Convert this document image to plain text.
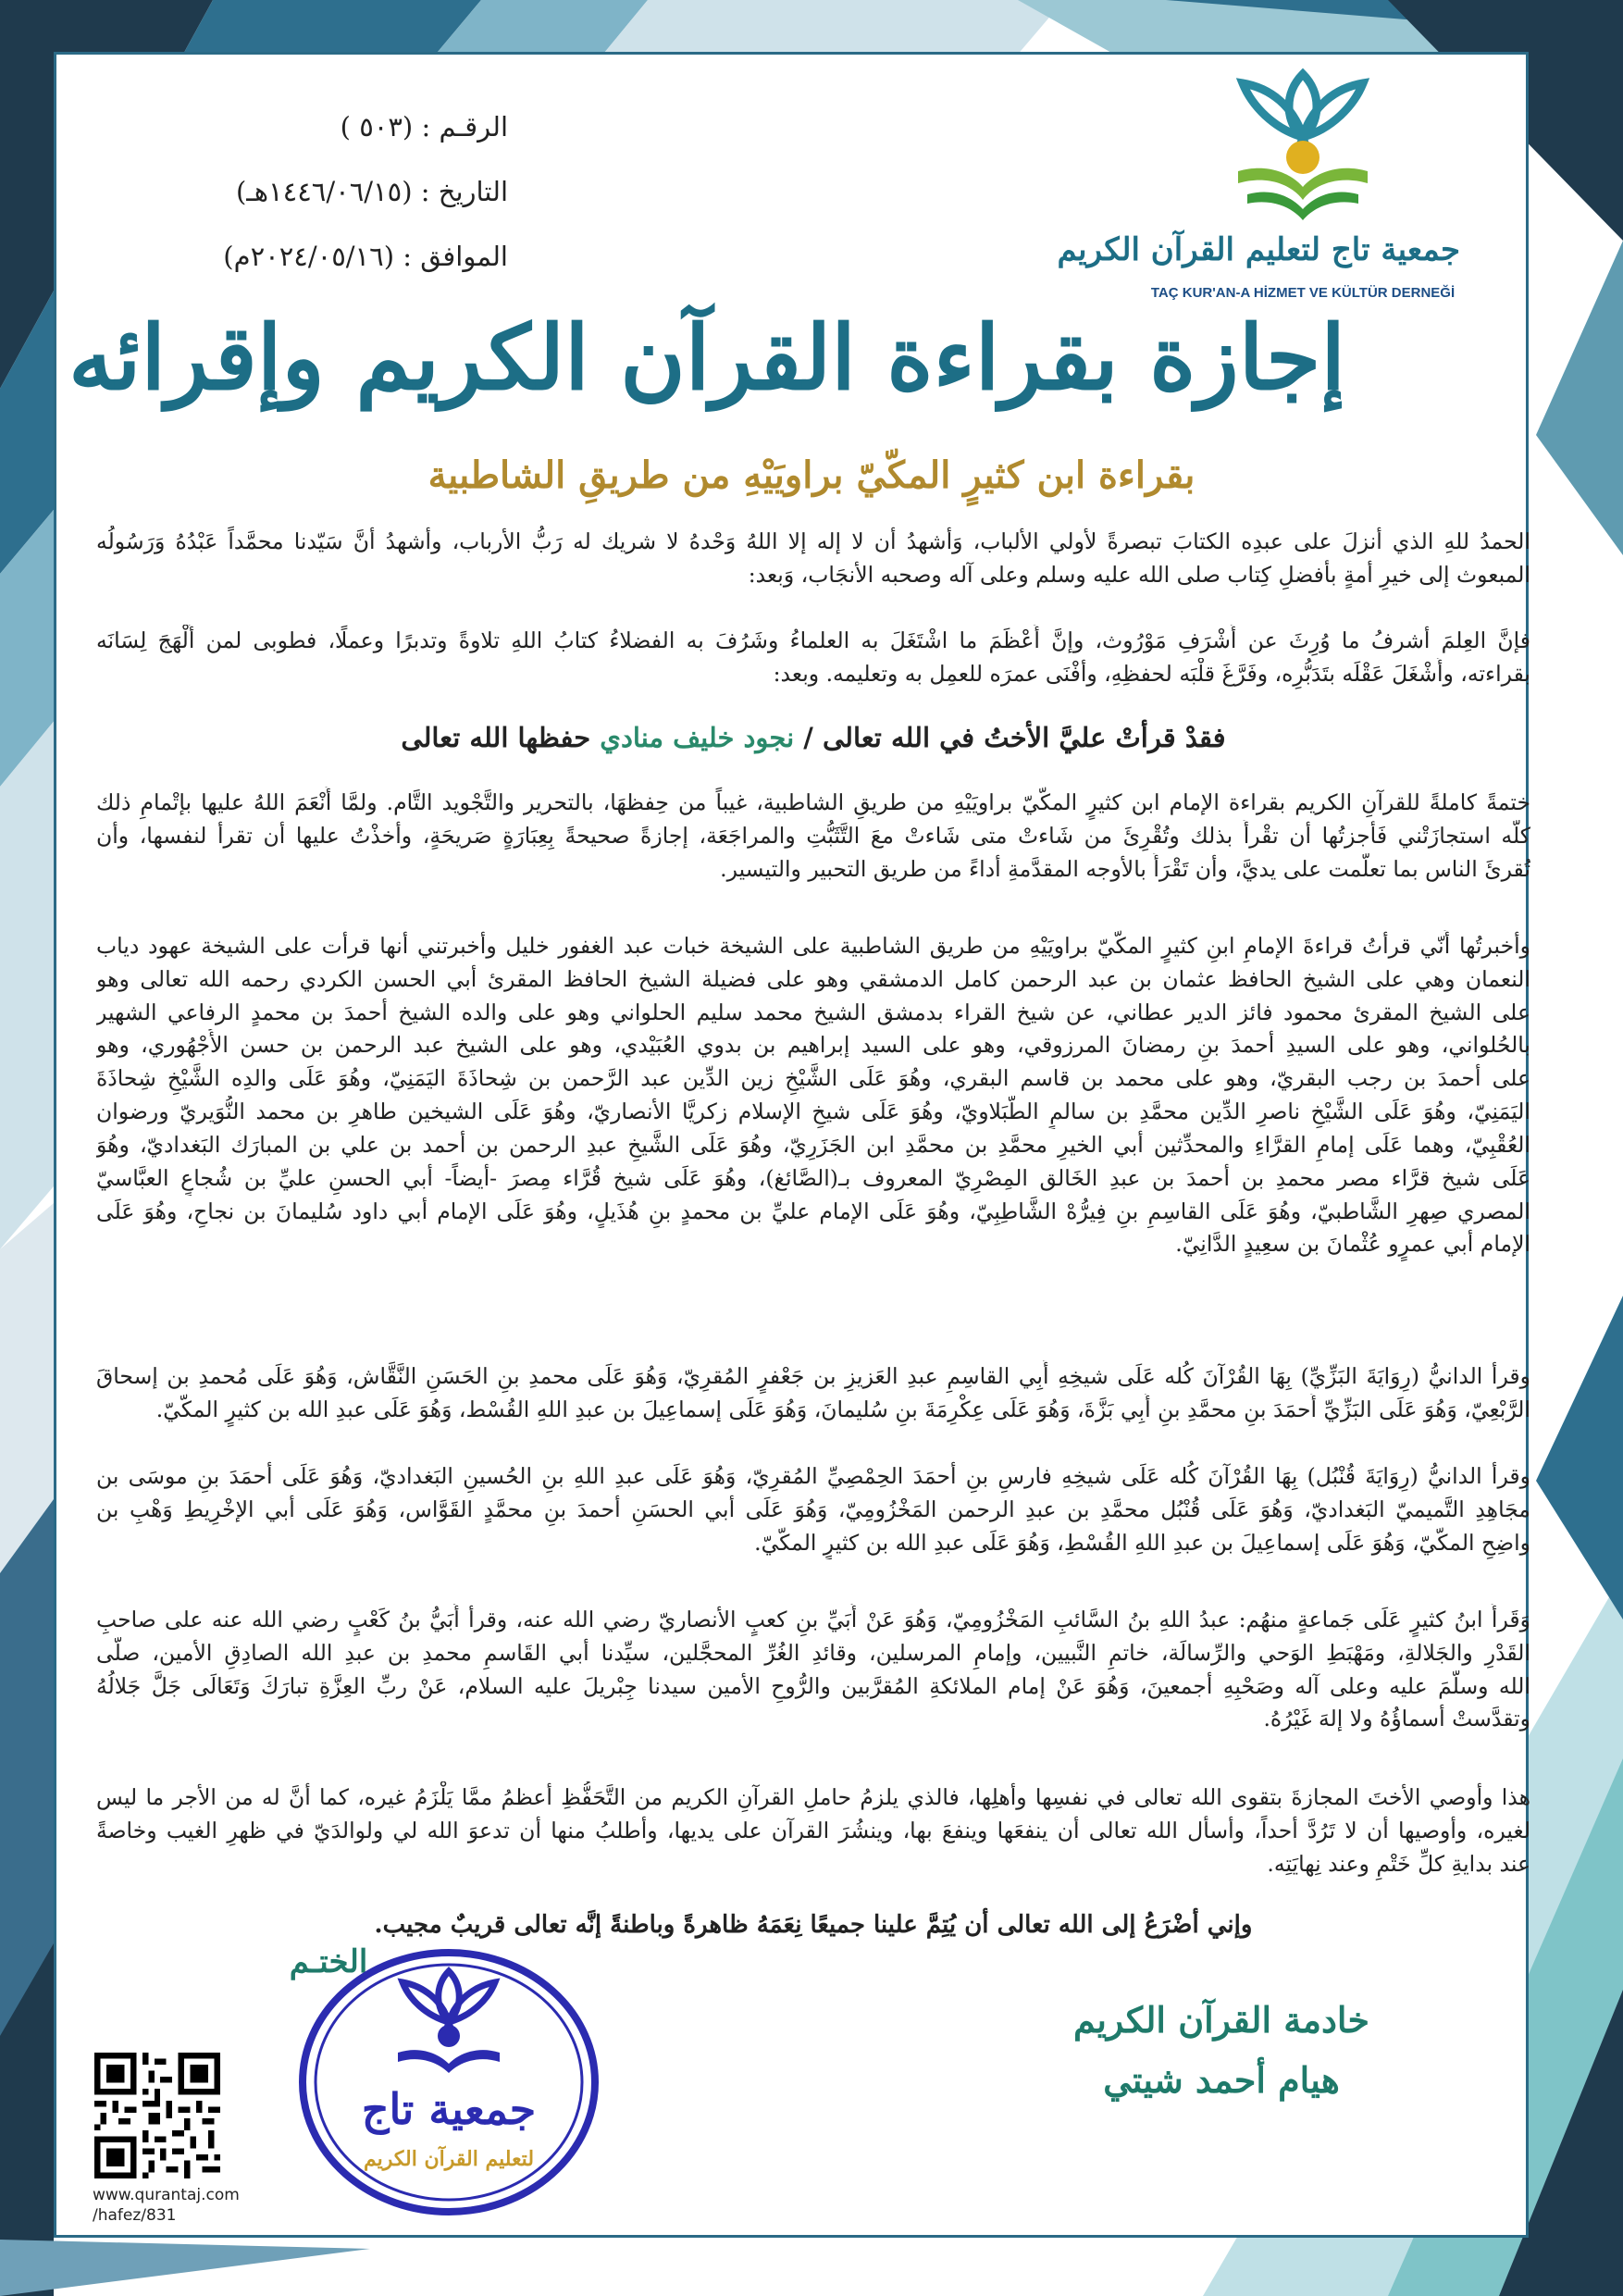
الرقـم : (٥٠٣ )
التاريخ : (١٤٤٦/٠٦/١٥هـ)
الموافق : (٢٠٢٤/٠٥/١٦م)	جمعية تاج لتعليم القرآن الكريم
TAÇ KUR'AN-A HİZMET VE KÜLTÜR DERNEĞİ
إجازة بقراءة القرآن الكريم وإقرائه
بقراءة ابن كثيرٍ المكّيّ براويَيْهِ من طريقِ الشاطبية
الحمدُ للهِ الذي أنزلَ على عبدِه الكتابَ تبصرةً لأولي الألباب، وَأشهدُ أن لا إله إلا اللهُ وَحْدهُ لا شريك له رَبُّ الأرباب، وأشهدُ أنَّ سَيّدنا محمَّداً عَبْدُهُ وَرَسُولُه
المبعوث إلى خيرِ أمةٍ بأفضلِ كِتاب صلى الله عليه وسلم وعلى آله وصحبه الأنجَاب، وَبعد:
فإنَّ العِلمَ أشرفُ ما وُرِثَ عن أَشْرَفِ مَوْرُوث، وإنَّ أَعْظَمَ ما اشْتَغَلَ به العلماءُ وشَرُفَ به الفضلاءُ كتابُ اللهِ تلاوةً وتدبرًا وعملًا، فطوبى لمن أَلْهَجَ لِسَانَه
بقراءته، وأَشْغَلَ عَقْلَه بتَدَبُّرِه، وفَرَّغَ قلْبَه لحفظِهِ، وأفْنَى عمرَه للعمِل به وتعليمه. وبعد:
فقدْ قرأتْ عليَّ الأختُ في الله تعالى / نجود خليف منادي حفظها الله تعالى
ختمةً كاملةً للقرآنِ الكريم بقراءة الإمام ابن كثيرٍ المكّيّ براويَيْهِ من طريقِ الشاطبية، غيباً من حِفظهَا، بالتحرير والتَّجْويد التَّام. ولمَّا أَنْعَمَ اللهُ عليها بإتْمامِ ذلك
كلّه استجازَتْني فَأَجزتُها أن تقْرأَ بذلك وتُقْرِئَ من شَاءتْ متى شَاءتْ معَ التَّثَبُّتِ والمراجَعَة، إجازةً صحيحةً بِعِبَارَةٍ صَريحَةٍ، وأخذْتُ عليها أن تقرأ لنفسها، وأن
تُقرئَ الناس بما تعلَّمت على يديَّ، وأن تَقْرَأَ بالأوجه المقدَّمةِ أداءً من طريق التحبير والتيسير.
وأخبرتُها أَنّي قرأتُ قراءةَ الإمامِ ابنِ كثيرٍ المكّيّ براويَيْهِ من طريق الشاطبية على الشيخة خبات عبد الغفور خليل وأخبرتني أنها قرأت على الشيخة عهود دياب
النعمان وهي على الشيخ الحافظ عثمان بن عبد الرحمن كامل الدمشقي وهو على فضيلة الشيخ الحافظ المقرئ أبي الحسن الكردي رحمه الله تعالى وهو
على الشيخ المقرئ محمود فائز الدير عطاني، عن شيخ القراء بدمشق الشيخ محمد سليم الحلواني وهو على والده الشيخ أحمدَ بن محمدٍ الرفاعي الشهير
بالحُلواني، وهو على السيدِ أحمدَ بنِ رمضانَ المرزوقي، وهو على السيد إبراهيم بن بدوي العُبَيْدي، وهو على الشيخ عبد الرحمن بن حسن الأُجْهُوري، وهو
على أحمدَ بن رجب البقريّ، وهو على محمد بن قاسم البقري، وهُوَ عَلَى الشَّيْخِ زين الدِّين عبد الرَّحمن بن شِحاذَةَ اليَمَنِيّ، وهُوَ عَلَى والدِه الشَّيْخِ شِحاذَةَ
اليَمَنِيّ، وهُوَ عَلَى الشَّيْخِ ناصرِ الدِّين محمَّدِ بن سالمٍ الطَّبَلاويّ، وهُوَ عَلَى شيخِ الإسلام زكريَّا الأنصاريّ، وهُوَ عَلَى الشيخين طاهرِ بن محمد النُّوَيريّ ورضوان
العُقْبِيّ، وهما عَلَى إمامِ القرَّاءِ والمحدِّثين أبي الخيرِ محمَّدِ بن محمَّدِ ابن الجَزَرِيّ، وهُوَ عَلَى الشَّيخِ عبدِ الرحمن بن أحمد بن علي بن المبارَك البَغداديّ، وهُوَ
عَلَى شيخ قرَّاء مصر محمدِ بن أحمدَ بن عبدِ الخَالق المِصْرِيّ المعروف بـ(الصَّائغ)، وهُوَ عَلَى شيخ قُرَّاء مِصرَ -أيضاً- أبي الحسنِ عليِّ بن شُجاعٍ العبَّاسيّ
المصري صِهرِ الشَّاطبيّ، وهُوَ عَلَى القاسِمِ بنِ فِيرُّهْ الشَّاطِبِيّ، وهُوَ عَلَى الإمام عليِّ بن محمدٍ بنِ هُذَيلٍ، وهُوَ عَلَى الإمام أبي داود سُليمانَ بن نجاحٍ، وهُوَ عَلَى
الإمام أبي عمرٍو عُثْمانَ بن سعِيدٍ الدَّانِيّ.
وقرأ الدانيُّ (رِوَايَةَ البَزِّيِّ) بِهَا القُرْآنَ كُله عَلَى شيخِهِ أَبِي القاسِمِ عبدِ العَزيزِ بن جَعْفرٍ المُقرِيّ، وَهُوَ عَلَى محمدِ بنِ الحَسَنِ النَّقَّاش، وَهُوَ عَلَى مُحمدِ بن إسحاقَ
الرَّبْعِيّ، وَهُوَ عَلَى البَزِّيِّ أَحمَدَ بنِ محمَّدِ بنِ أَبِي بَزَّةَ، وَهُوَ عَلَى عِكْرِمَةَ بنِ سُليمانَ، وَهُوَ عَلَى إسماعِيلَ بن عبدِ اللهِ القُسْط، وَهُوَ عَلَى عبدِ الله بن كثيرٍ المكّيّ.
وقرأ الدانيُّ (رِوَايَةَ قُنْبُل) بِهَا القُرْآنَ كُله عَلَى شيخِهِ فارسِ بنِ أحمَدَ الحِمْصِيِّ المُقرِيّ، وَهُوَ عَلَى عبدِ اللهِ بنِ الحُسينِ البَغداديّ، وَهُوَ عَلَى أحمَدَ بنِ موسَى بن
مجَاهِدِ التَّميميّ البَغداديّ، وَهُوَ عَلَى قُنْبُل محمَّدِ بن عبدِ الرحمن المَخْزُومِيّ، وَهُوَ عَلَى أبي الحسَنِ أحمدَ بنِ محمَّدٍ القَوَّاس، وَهُوَ عَلَى أبي الإخْرِيطِ وَهْبِ بن
واضِحٍ المكّيّ، وَهُوَ عَلَى إسماعِيلَ بن عبدِ اللهِ القُسْطِ، وَهُوَ عَلَى عبدِ الله بن كثيرٍ المكّيّ.
وَقَرأَ ابنُ كثيرٍ عَلَى جَماعةٍ منهُم: عبدُ اللهِ بنُ السَّائبِ المَخْزُومِيّ، وَهُوَ عَنْ أُبَيِّ بنِ كعبٍ الأنصاريّ رضي الله عنه، وقرأ أُبَيُّ بنُ كَعْبٍ رضي الله عنه على صاحبِ
القَدْرِ والجَلالةِ، ومَهْبَطِ الوَحي والرِّسالَة، خاتمِ النَّبيين، وإمامِ المرسلين، وقائدِ الغُرِّ المحجَّلين، سيِّدنا أبي القَاسمِ محمدِ بن عبدِ الله الصادِقِ الأمين، صلَّى
الله وسلَّمَ عليه وعلى آله وصَحْبِهِ أجمعينَ، وَهُوَ عَنْ إمام الملائكةِ المُقرَّبين والرُّوحِ الأمين سيدنا جِبْريلَ عليه السلام، عَنْ ربِّ العِزَّةِ تبارَكَ وَتَعَالَى جَلَّ جَلالُهُ
وتقدَّستْ أسماؤُهُ ولا إلهَ غَيْرُهُ.
هذا وأوصي الأختَ المجازةَ بتقوى الله تعالى في نفسِها وأهلِها، فالذي يلزمُ حاملِ القرآنِ الكريم من التَّحَفُّظِ أعظمُ ممَّا يَلْزَمُ غيره، كما أنَّ له من الأجر ما ليس
لغيره، وأوصيها أن لا تَرُدَّ أحداً، وأسأل الله تعالى أن ينفعَها وينفعَ بها، وينشُرَ القرآن على يديها، وأطلبُ منها أن تدعوَ الله لي ولوالدَيّ في ظهرِ الغيب وخاصةً
عند بدايةِ كلِّ خَتْمٍ وعند نِهايَتِه.
وإني أضْرَعُ إلى الله تعالى أن يُتِمَّ علينا جميعًا نِعَمَهُ ظاهرةً وباطنةً إنَّه تعالى قريبٌ مجيب.
خادمة القرآن الكريم
هيام أحمد شيتي
الختـم
جمعية تاج
لتعليم القرآن الكريم
www.qurantaj.com
/hafez/831
